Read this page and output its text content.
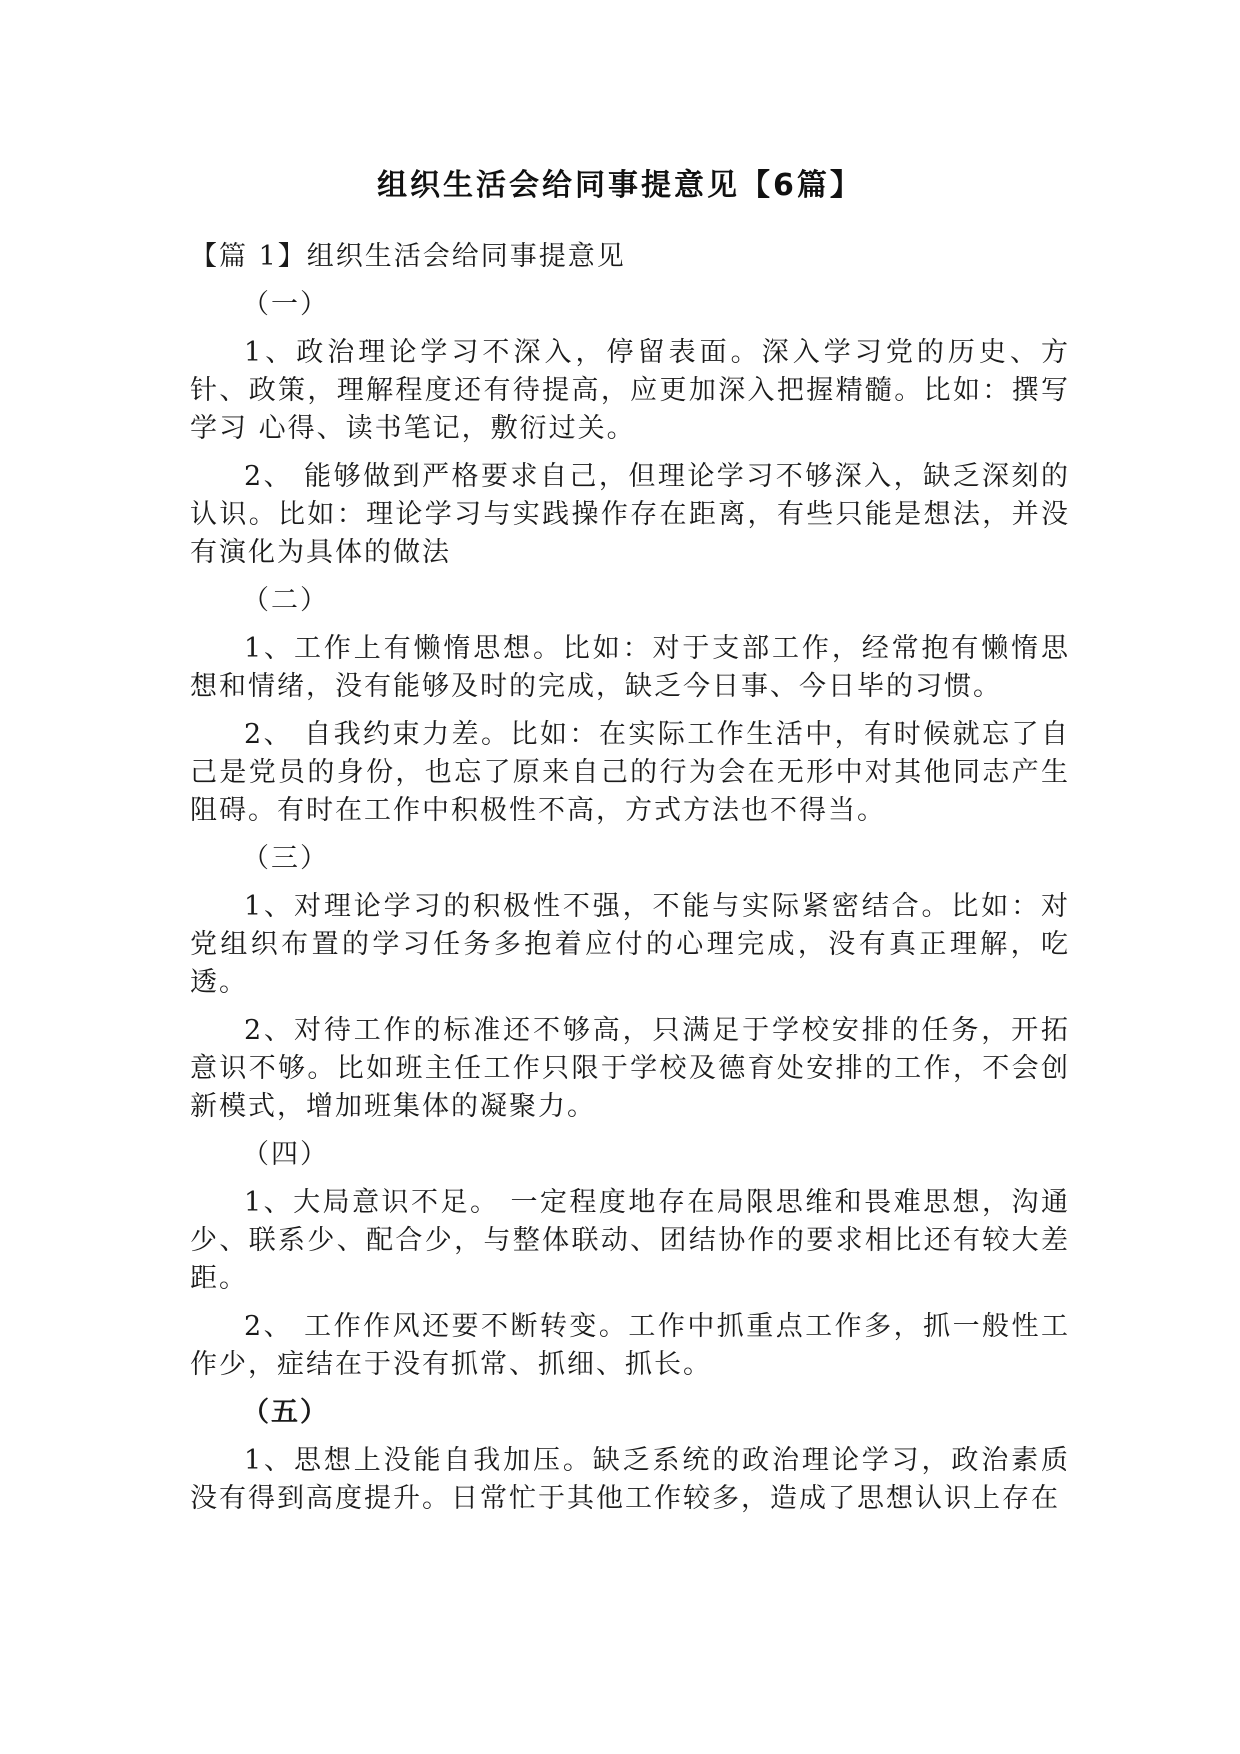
组织生活会给同事提意见【6篇】

【篇 1】组织生活会给同事提意见

（一）

1、政治理论学习不深入，停留表面。深入学习党的历史、方针、政策，理解程度还有待提高，应更加深入把握精髓。比如：撰写学习 心得、读书笔记，敷衍过关。

2、 能够做到严格要求自己，但理论学习不够深入，缺乏深刻的 认识。比如：理论学习与实践操作存在距离，有些只能是想法，并没 有演化为具体的做法

（二）

1、工作上有懒惰思想。比如：对于支部工作，经常抱有懒惰思想和情绪，没有能够及时的完成，缺乏今日事、今日毕的习惯。

2、 自我约束力差。比如：在实际工作生活中，有时候就忘了自 己是党员的身份，也忘了原来自己的行为会在无形中对其他同志产生 阻碍。有时在工作中积极性不高，方式方法也不得当。

（三）

1、对理论学习的积极性不强，不能与实际紧密结合。比如：对党组织布置的学习任务多抱着应付的心理完成，没有真正理解，吃透。

2、对待工作的标准还不够高，只满足于学校安排的任务，开拓意识不够。比如班主任工作只限于学校及德育处安排的工作，不会创新模式，增加班集体的凝聚力。

（四）

1、大局意识不足。 一定程度地存在局限思维和畏难思想，沟通 少、联系少、配合少，与整体联动、团结协作的要求相比还有较大差 距。

2、 工作作风还要不断转变。工作中抓重点工作多，抓一般性工 作少，症结在于没有抓常、抓细、抓长。

（五）

1、思想上没能自我加压。缺乏系统的政治理论学习，政治素质没有得到高度提升。日常忙于其他工作较多，造成了思想认识上存在
